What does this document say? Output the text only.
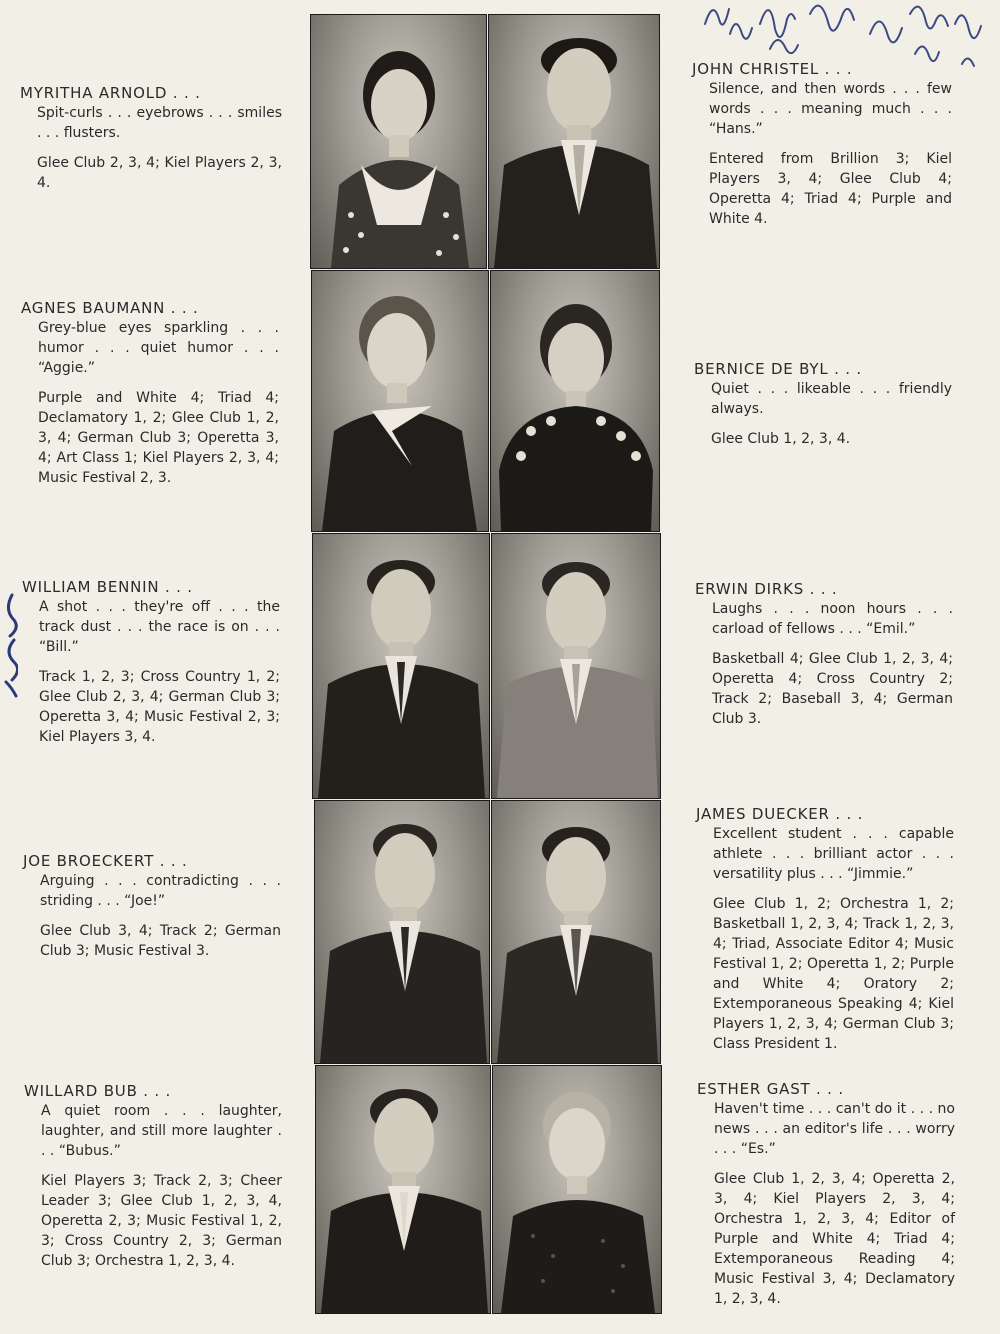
MYRITHA ARNOLD . . .
Spit-curls . . . eyebrows . . . smiles . . . flusters.
Glee Club 2, 3, 4; Kiel Players 2, 3, 4.
AGNES BAUMANN . . .
Grey-blue eyes sparkling . . . humor . . . quiet humor . . . “Aggie.”
Purple and White 4; Triad 4; Declamatory 1, 2; Glee Club 1, 2, 3, 4; German Club 3; Operetta 3, 4; Art Class 1; Kiel Players 2, 3, 4; Music Festival 2, 3.
WILLIAM BENNIN . . .
A shot . . . they're off . . . the track dust . . . the race is on . . . “Bill.”
Track 1, 2, 3; Cross Country 1, 2; Glee Club 2, 3, 4; German Club 3; Operetta 3, 4; Music Festival 2, 3; Kiel Players 3, 4.
JOE BROECKERT . . .
Arguing . . . contradicting . . . striding . . . “Joe!”
Glee Club 3, 4; Track 2; German Club 3; Music Festival 3.
WILLARD BUB . . .
A quiet room . . . laughter, laughter, and still more laughter . . . “Bubus.”
Kiel Players 3; Track 2, 3; Cheer Leader 3; Glee Club 1, 2, 3, 4, Operetta 2, 3; Music Festival 1, 2, 3; Cross Country 2, 3; German Club 3; Orchestra 1, 2, 3, 4.
JOHN CHRISTEL . . .
Silence, and then words . . . few words . . . meaning much . . . “Hans.”
Entered from Brillion 3; Kiel Players 3, 4; Glee Club 4; Operetta 4; Triad 4; Purple and White 4.
BERNICE DE BYL . . .
Quiet . . . likeable . . . friendly always.
Glee Club 1, 2, 3, 4.
ERWIN DIRKS . . .
Laughs . . . noon hours . . . carload of fellows . . . “Emil.”
Basketball 4; Glee Club 1, 2, 3, 4; Operetta 4; Cross Country 2; Track 2; Baseball 3, 4; German Club 3.
JAMES DUECKER . . .
Excellent student . . . capable athlete . . . brilliant actor . . . versatility plus . . . “Jimmie.”
Glee Club 1, 2; Orchestra 1, 2; Basketball 1, 2, 3, 4; Track 1, 2, 3, 4; Triad, Associate Editor 4; Music Festival 1, 2; Operetta 1, 2; Purple and White 4; Oratory 2; Extemporaneous Speaking 4; Kiel Players 1, 2, 3, 4; German Club 3; Class President 1.
ESTHER GAST . . .
Haven't time . . . can't do it . . . no news . . . an editor's life . . . worry . . . “Es.”
Glee Club 1, 2, 3, 4; Operetta 2, 3, 4; Kiel Players 2, 3, 4; Orchestra 1, 2, 3, 4; Editor of Purple and White 4; Triad 4; Extemporaneous Reading 4; Music Festival 3, 4; Declamatory 1, 2, 3, 4.
